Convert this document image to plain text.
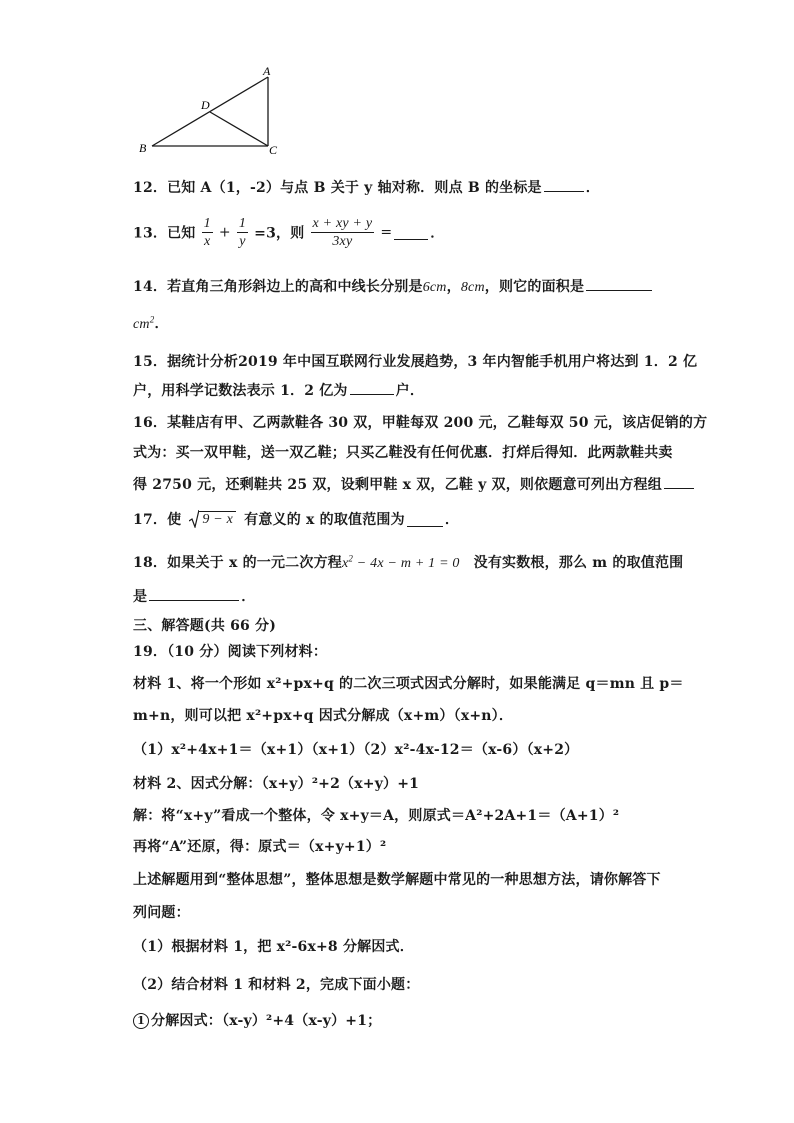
A
D
B	C
12．已知 A（1，-2）与点 B 关于 y 轴对称．则点 B 的坐标是	．
13．已知 $\frac{1}{x} + \frac{1}{y} =3$，则 $\frac{x + xy + y}{3xy}$ =	．
14．若直角三角形斜边上的高和中线长分别是6cm，8cm，则它的面积是
$cm^2$．
15．据统计分析2019 年中国互联网行业发展趋势，3 年内智能手机用户将达到 1．2 亿
户，用科学记数法表示 1．2 亿为	户．
16．某鞋店有甲、乙两款鞋各 30 双，甲鞋每双 200 元，乙鞋每双 50 元，该店促销的方
式为：买一双甲鞋，送一双乙鞋；只买乙鞋没有任何优惠．打烊后得知．此两款鞋共卖
得 2750 元，还剩鞋共 25 双，设剩甲鞋 x 双，乙鞋 y 双，则依题意可列出方程组
17．使 9 − x 有意义的 x 的取值范围为	．
18．如果关于 x 的一元二次方程$x^2 - 4x - m + 1 = 0$ 没有实数根，那么 m 的取值范围
是	．
三、解答题(共 66 分)
19．（10 分）阅读下列材料：
材料 1、将一个形如 x²+px+q 的二次三项式因式分解时，如果能满足 q＝mn 且 p＝
m+n，则可以把 x²+px+q 因式分解成（x+m）（x+n）．
（1）x²+4x+1＝（x+1）（x+1）（2）x²-4x-12＝（x-6）（x+2）
材料 2、因式分解：（x+y）²+2（x+y）+1
解：将“x+y”看成一个整体，令 x+y＝A，则原式＝A²+2A+1＝（A+1）²
再将“A”还原，得：原式＝（x+y+1）²
上述解题用到“整体思想”，整体思想是数学解题中常见的一种思想方法，请你解答下
列问题：
（1）根据材料 1，把 x²-6x+8 分解因式．
（2）结合材料 1 和材料 2，完成下面小题：
1 分解因式：（x-y）²+4（x-y）+1；
